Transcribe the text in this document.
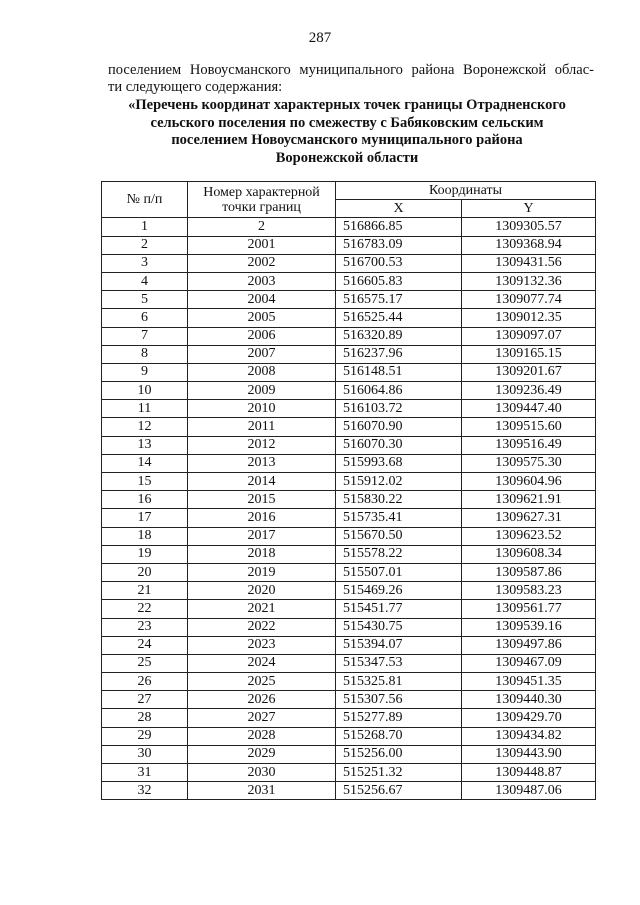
287
поселением Новоусманского муниципального района Воронежской облас-
ти следующего содержания:
«Перечень координат характерных точек границы Отрадненского
сельского поселения по смежеству с Бабяковским сельским
поселением Новоусманского муниципального района
Воронежской области
№ п/п	Номер характерной точки границ	Координаты	
		X	Y
1	2	516866.85	1309305.57
2	2001	516783.09	1309368.94
3	2002	516700.53	1309431.56
4	2003	516605.83	1309132.36
5	2004	516575.17	1309077.74
6	2005	516525.44	1309012.35
7	2006	516320.89	1309097.07
8	2007	516237.96	1309165.15
9	2008	516148.51	1309201.67
10	2009	516064.86	1309236.49
11	2010	516103.72	1309447.40
12	2011	516070.90	1309515.60
13	2012	516070.30	1309516.49
14	2013	515993.68	1309575.30
15	2014	515912.02	1309604.96
16	2015	515830.22	1309621.91
17	2016	515735.41	1309627.31
18	2017	515670.50	1309623.52
19	2018	515578.22	1309608.34
20	2019	515507.01	1309587.86
21	2020	515469.26	1309583.23
22	2021	515451.77	1309561.77
23	2022	515430.75	1309539.16
24	2023	515394.07	1309497.86
25	2024	515347.53	1309467.09
26	2025	515325.81	1309451.35
27	2026	515307.56	1309440.30
28	2027	515277.89	1309429.70
29	2028	515268.70	1309434.82
30	2029	515256.00	1309443.90
31	2030	515251.32	1309448.87
32	2031	515256.67	1309487.06
